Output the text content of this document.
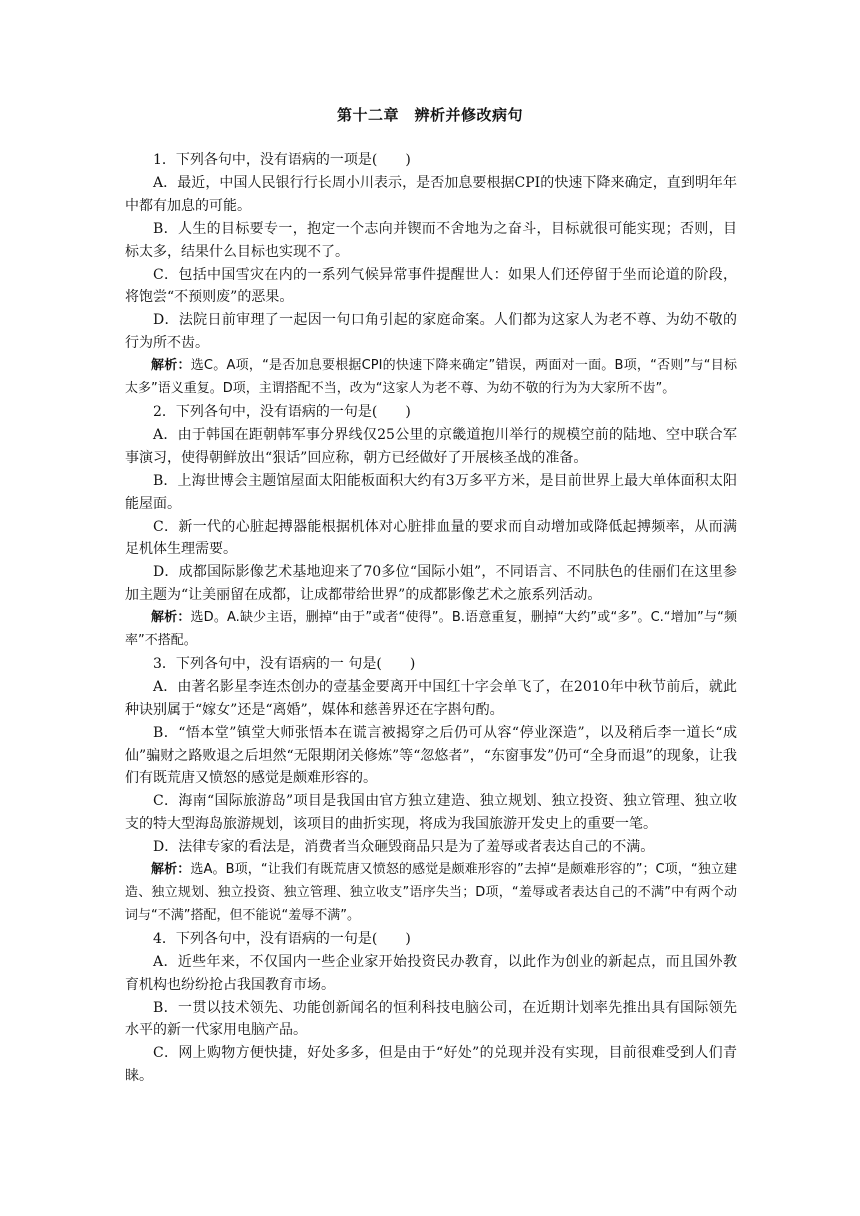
第十二章　辨析并修改病句

1．下列各句中，没有语病的一项是(　　)

A．最近，中国人民银行行长周小川表示，是否加息要根据CPI的快速下降来确定，直到明年年中都有加息的可能。

B．人生的目标要专一，抱定一个志向并锲而不舍地为之奋斗，目标就很可能实现；否则，目标太多，结果什么目标也实现不了。

C．包括中国雪灾在内的一系列气候异常事件提醒世人：如果人们还停留于坐而论道的阶段，将饱尝“不预则废”的恶果。

D．法院日前审理了一起因一句口角引起的家庭命案。人们都为这家人为老不尊、为幼不敬的行为所不齿。

解析：选C。A项，“是否加息要根据CPI的快速下降来确定”错误，两面对一面。B项，“否则”与“目标太多”语义重复。D项，主谓搭配不当，改为“这家人为老不尊、为幼不敬的行为为大家所不齿”。

2．下列各句中，没有语病的一句是(　　)

A．由于韩国在距朝韩军事分界线仅25公里的京畿道抱川举行的规模空前的陆地、空中联合军事演习，使得朝鲜放出“狠话”回应称，朝方已经做好了开展核圣战的准备。

B．上海世博会主题馆屋面太阳能板面积大约有3万多平方米，是目前世界上最大单体面积太阳能屋面。

C．新一代的心脏起搏器能根据机体对心脏排血量的要求而自动增加或降低起搏频率，从而满足机体生理需要。

D．成都国际影像艺术基地迎来了70多位“国际小姐”，不同语言、不同肤色的佳丽们在这里参加主题为“让美丽留在成都，让成都带给世界”的成都影像艺术之旅系列活动。

解析：选D。A.缺少主语，删掉“由于”或者“使得”。B.语意重复，删掉“大约”或“多”。C.“增加”与“频率”不搭配。

3．下列各句中，没有语病的一 句是(　　)

A．由著名影星李连杰创办的壹基金要离开中国红十字会单飞了，在2010年中秋节前后，就此种诀别属于“嫁女”还是“离婚”，媒体和慈善界还在字斟句酌。

B．“悟本堂”镇堂大师张悟本在谎言被揭穿之后仍可从容“停业深造”，以及稍后李一道长“成仙”骗财之路败退之后坦然“无限期闭关修炼”等“忽悠者”，“东窗事发”仍可“全身而退”的现象，让我们有既荒唐又愤怒的感觉是颇难形容的。

C．海南“国际旅游岛”项目是我国由官方独立建造、独立规划、独立投资、独立管理、独立收支的特大型海岛旅游规划，该项目的曲折实现，将成为我国旅游开发史上的重要一笔。

D．法律专家的看法是，消费者当众砸毁商品只是为了羞辱或者表达自己的不满。

解析：选A。B项，“让我们有既荒唐又愤怒的感觉是颇难形容的”去掉“是颇难形容的”；C项，“独立建造、独立规划、独立投资、独立管理、独立收支”语序失当；D项，“羞辱或者表达自己的不满”中有两个动词与“不满”搭配，但不能说“羞辱不满”。

4．下列各句中，没有语病的一句是(　　)

A．近些年来，不仅国内一些企业家开始投资民办教育，以此作为创业的新起点，而且国外教育机构也纷纷抢占我国教育市场。

B．一贯以技术领先、功能创新闻名的恒利科技电脑公司，在近期计划率先推出具有国际领先水平的新一代家用电脑产品。

C．网上购物方便快捷，好处多多，但是由于“好处”的兑现并没有实现，目前很难受到人们青睐。
